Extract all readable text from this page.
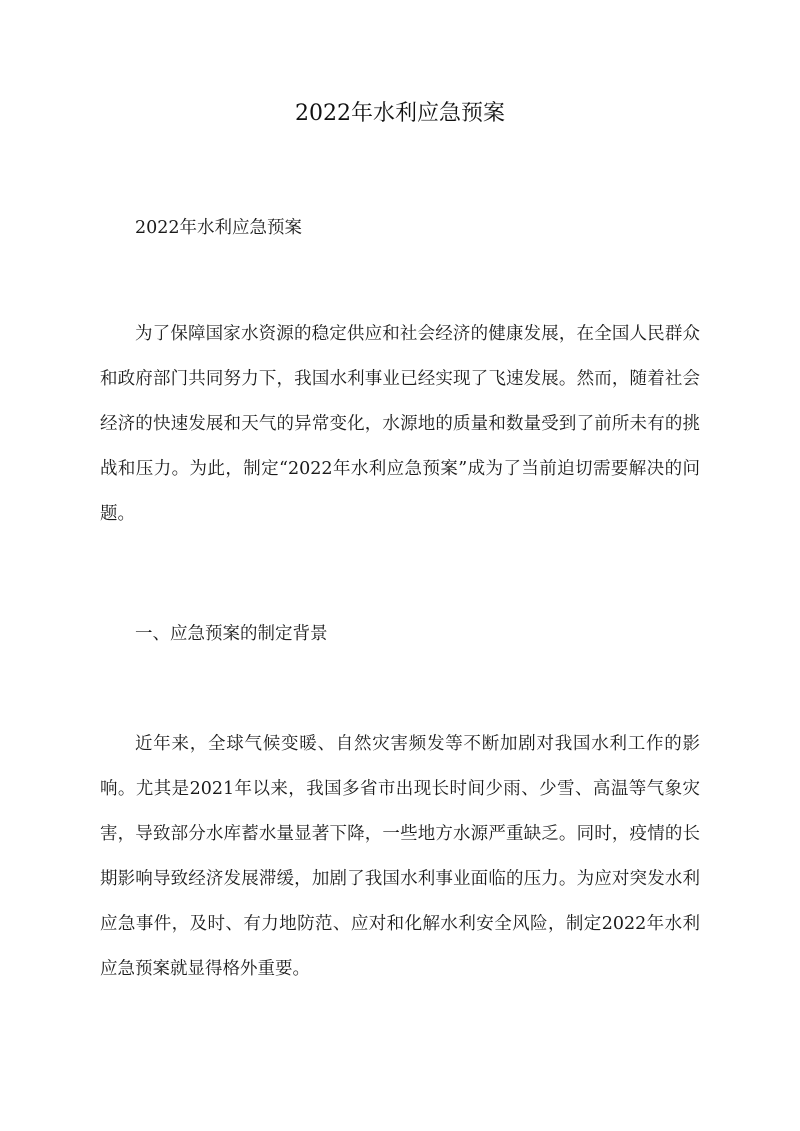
2022年水利应急预案

2022年水利应急预案

为了保障国家水资源的稳定供应和社会经济的健康发展，在全国人民群众和政府部门共同努力下，我国水利事业已经实现了飞速发展。然而，随着社会经济的快速发展和天气的异常变化，水源地的质量和数量受到了前所未有的挑战和压力。为此，制定“2022年水利应急预案”成为了当前迫切需要解决的问题。

一、应急预案的制定背景

近年来，全球气候变暖、自然灾害频发等不断加剧对我国水利工作的影响。尤其是2021年以来，我国多省市出现长时间少雨、少雪、高温等气象灾害，导致部分水库蓄水量显著下降，一些地方水源严重缺乏。同时，疫情的长期影响导致经济发展滞缓，加剧了我国水利事业面临的压力。为应对突发水利应急事件，及时、有力地防范、应对和化解水利安全风险，制定2022年水利应急预案就显得格外重要。
